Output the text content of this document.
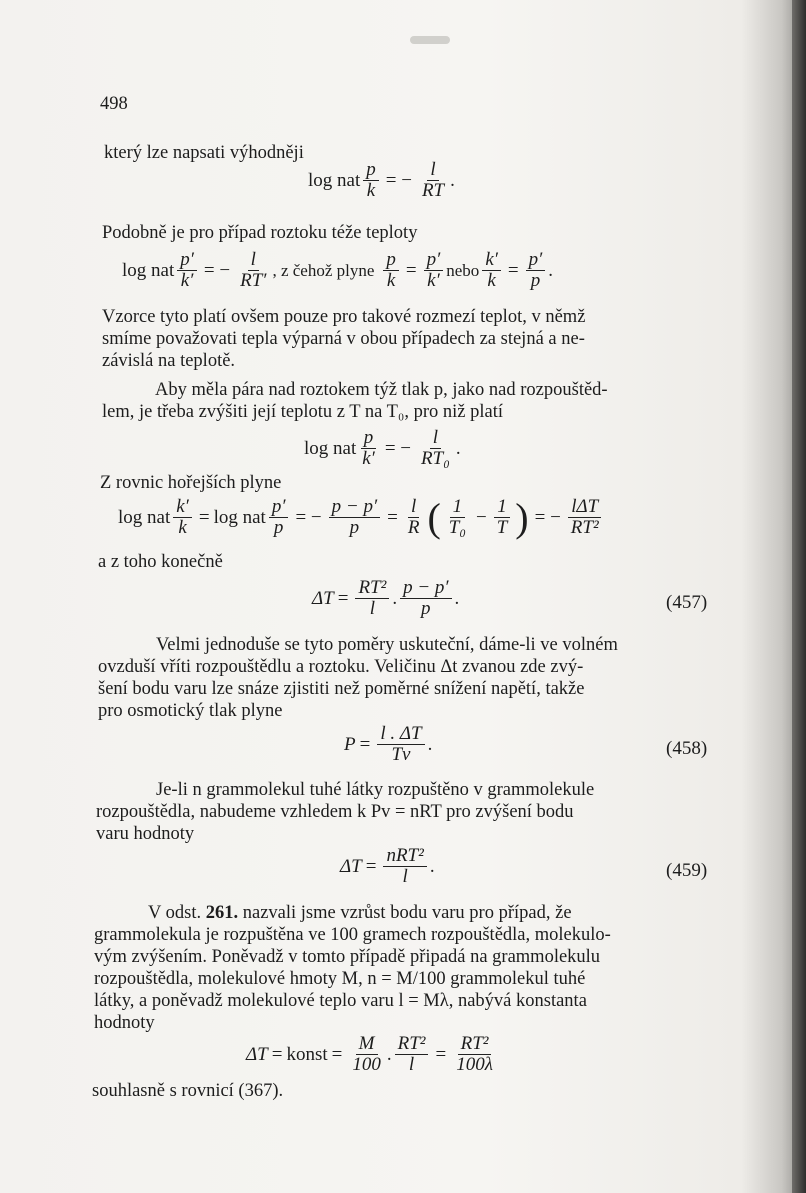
498
který lze napsati výhodněji
log nat $\frac{p}{k}$ = − $\frac{l}{RT}$ .
Podobně je pro případ roztoku téže teploty
log nat $\frac{p'}{k'}$ = − $\frac{l}{RT'}$ , z čehož plyne $\frac{p}{k} = \frac{p'}{k'}$ nebo $\frac{k'}{k} = \frac{p'}{p}$ .
Vzorce tyto platí ovšem pouze pro takové rozmezí teplot, v němž
smíme považovati tepla výparná v obou případech za stejná a ne-
závislá na teplotě.
Aby měla pára nad roztokem týž tlak p, jako nad rozpouštěd-
lem, je třeba zvýšiti její teplotu z T na T₀, pro niž platí
log nat $\frac{p}{k'}$ = − $\frac{l}{\text{RT₀}}$ .
Z rovnic hořejších plyne
log nat $\frac{k'}{k} = \log$ nat $\frac{p'}{p}$ = − $\frac{p - p'}{p} = \frac{l}{R}$ ( $\frac{1}{\text{T₀}} - \frac{1}{T}$ ) = − $\frac{\text{lΔT}}{\text{RT²}}$
a z toho konečně
$\Delta T = \frac{\text{RT²}}{l}$ . $\frac{p - p'}{p}$ .	(457)
Velmi jednoduše se tyto poměry uskuteční, dáme-li ve volném
ovzduší vříti rozpouštědlu a roztoku. Veličinu Δt zvanou zde zvý-
šení bodu varu lze snáze zjistiti než poměrné snížení napětí, takže
pro osmotický tlak plyne
$P = \frac{l . \Delta T}{Tv}$ .	(458)
Je-li n grammolekul tuhé látky rozpuštěno v grammolekule
rozpouštědla, nabudeme vzhledem k Pv = nRT pro zvýšení bodu
varu hodnoty
$\Delta T = \frac{\text{nRT²}}{l}$ .	(459)
V odst. 261. nazvali jsme vzrůst bodu varu pro případ, že
grammolekula je rozpuštěna ve 100 gramech rozpouštědla, molekulo-
vým zvýšením. Poněvadž v tomto případě připadá na grammolekulu
rozpouštědla, molekulové hmoty M, n = M/100 grammolekul tuhé
látky, a poněvadž molekulové teplo varu l = Mλ, nabývá konstanta
hodnoty
ΔT = konst = $\frac{M}{100}$ . $\frac{\text{RT²}}{l} = \frac{\text{RT²}}{100\lambda}$
souhlasně s rovnicí (367).
